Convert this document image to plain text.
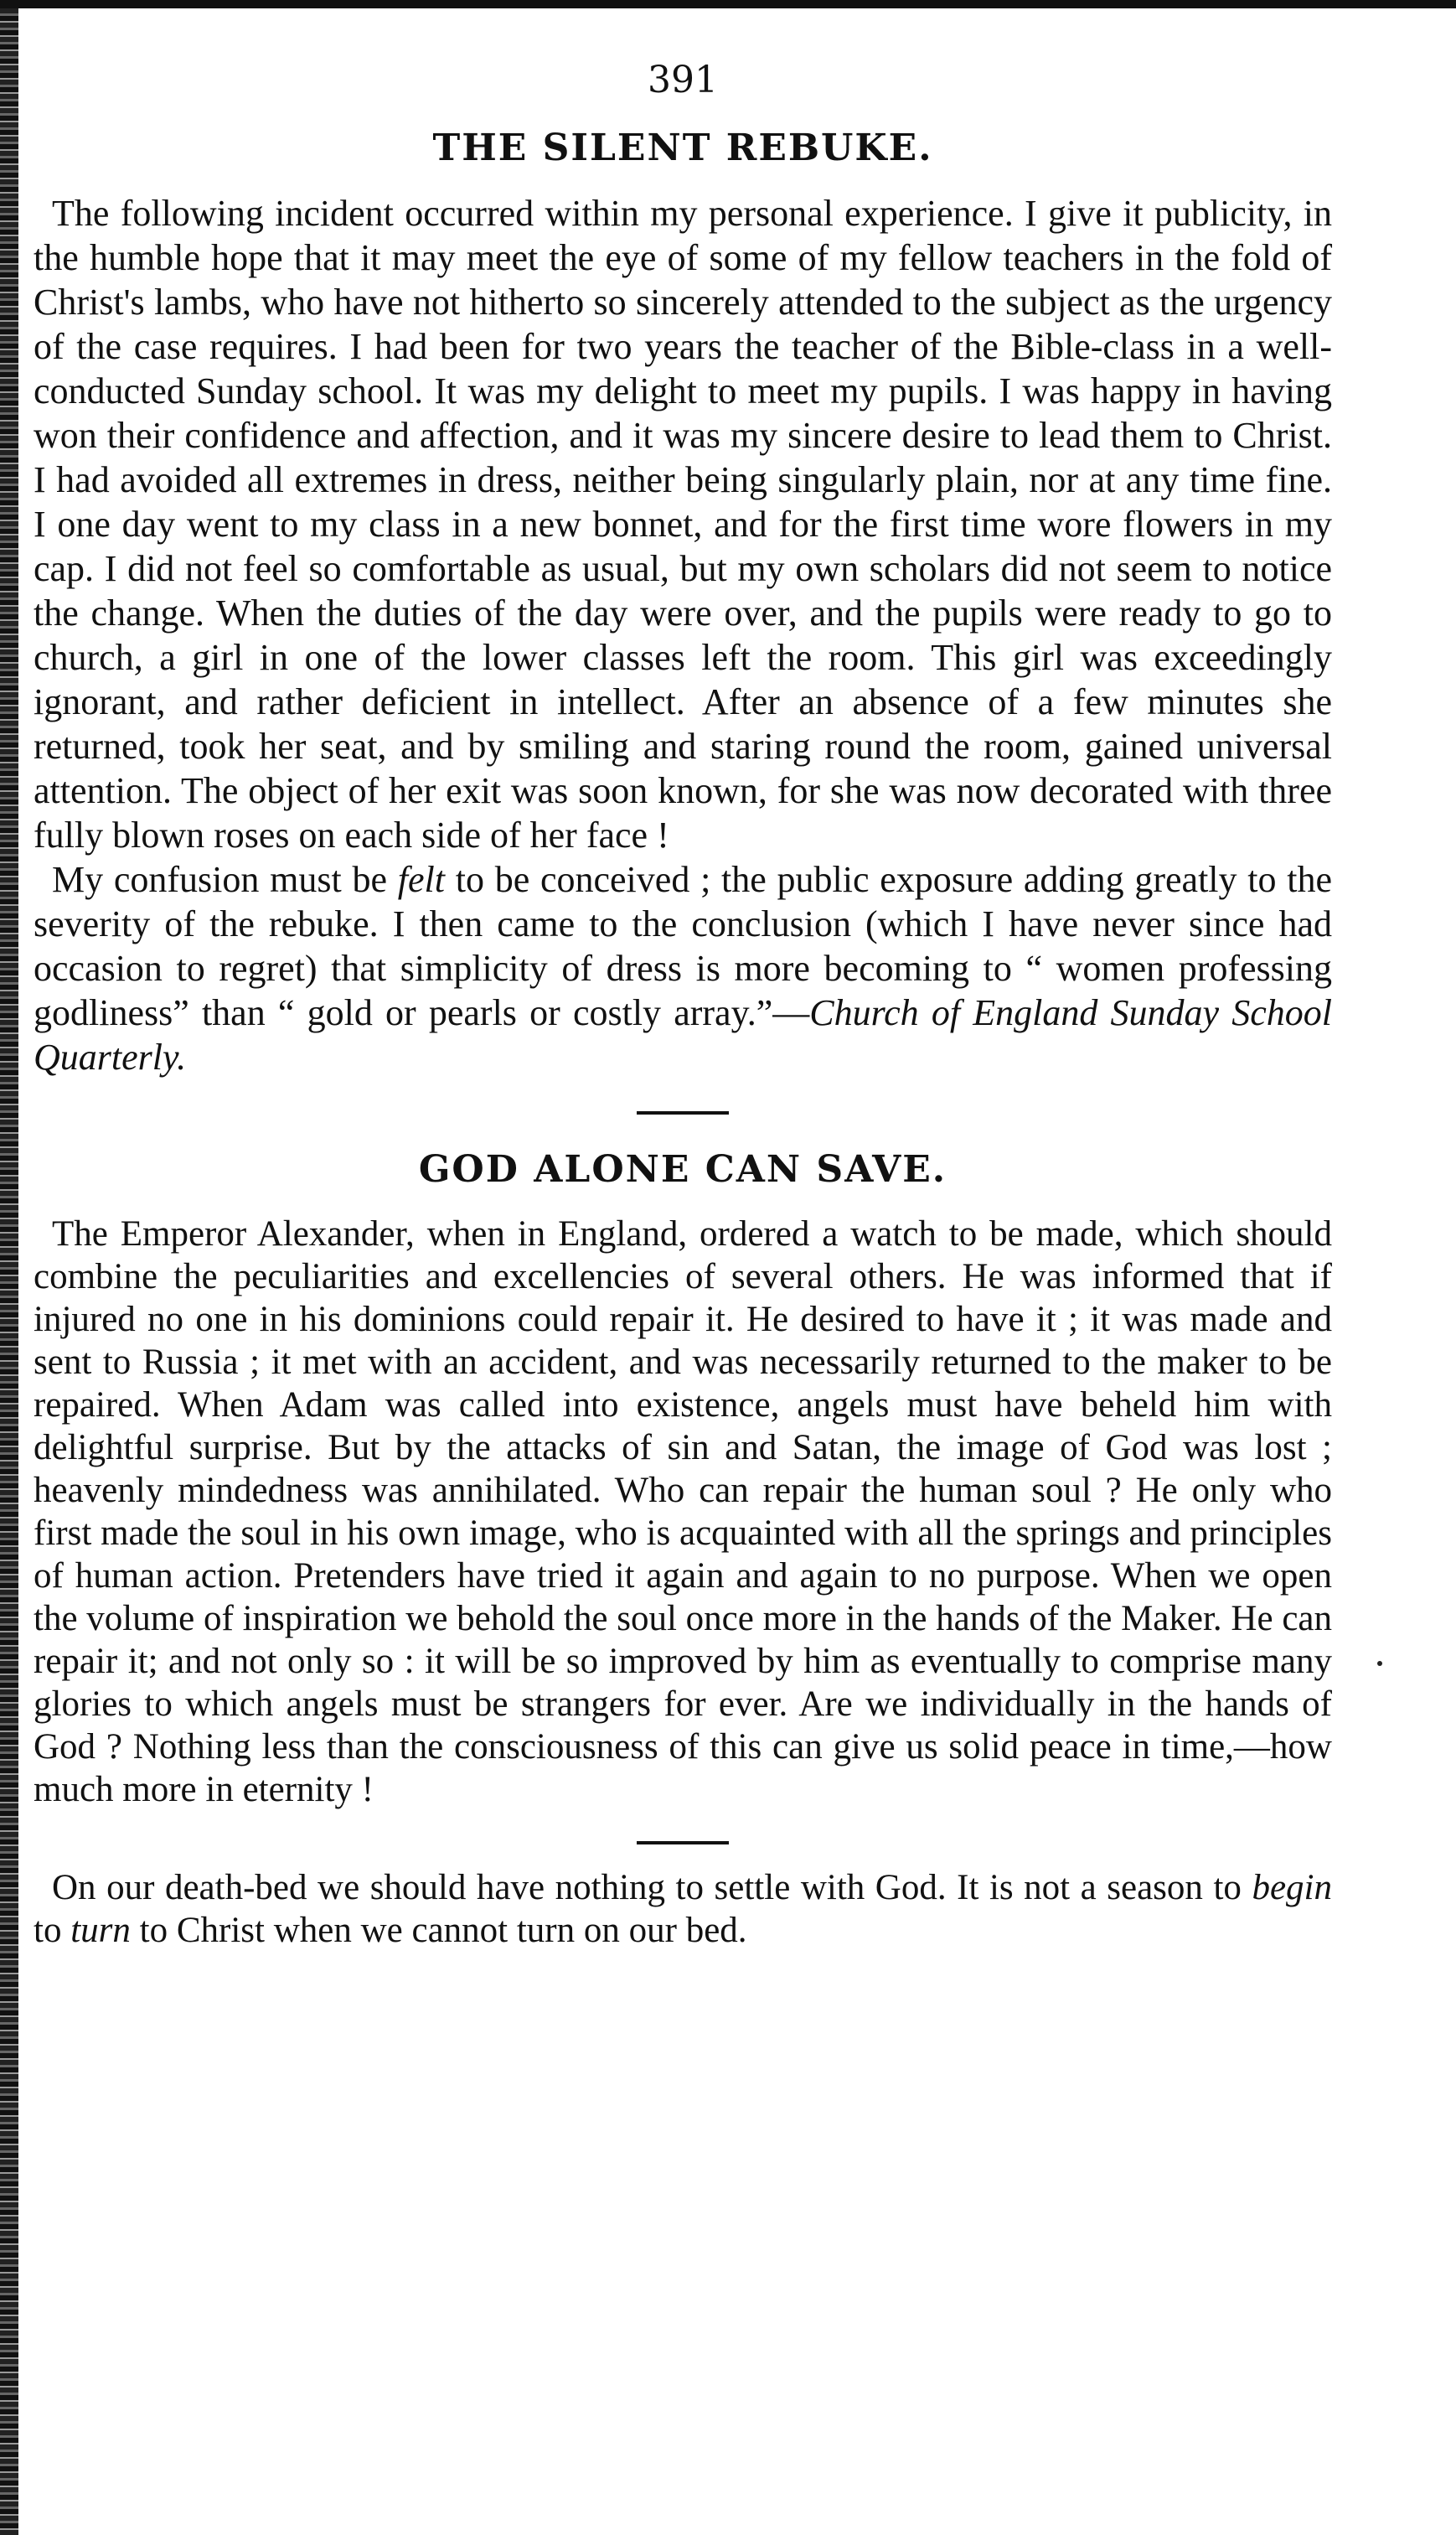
391
THE SILENT REBUKE.

The following incident occurred within my personal experience. I give it publicity, in the humble hope that it may meet the eye of some of my fellow teachers in the fold of Christ's lambs, who have not hitherto so sincerely attended to the subject as the urgency of the case requires. I had been for two years the teacher of the Bible-class in a well-conducted Sunday school. It was my delight to meet my pupils. I was happy in having won their confidence and affection, and it was my sincere desire to lead them to Christ. I had avoided all extremes in dress, neither being singularly plain, nor at any time fine. I one day went to my class in a new bonnet, and for the first time wore flowers in my cap. I did not feel so comfortable as usual, but my own scholars did not seem to notice the change. When the duties of the day were over, and the pupils were ready to go to church, a girl in one of the lower classes left the room. This girl was exceedingly ignorant, and rather deficient in intellect. After an absence of a few minutes she returned, took her seat, and by smiling and staring round the room, gained universal attention. The object of her exit was soon known, for she was now decorated with three fully blown roses on each side of her face !

My confusion must be felt to be conceived ; the public exposure adding greatly to the severity of the rebuke. I then came to the conclusion (which I have never since had occasion to regret) that simplicity of dress is more becoming to “ women professing godliness” than “ gold or pearls or costly array.”—Church of England Sunday School Quarterly.

GOD ALONE CAN SAVE.

The Emperor Alexander, when in England, ordered a watch to be made, which should combine the peculiarities and excellencies of several others. He was informed that if injured no one in his dominions could repair it. He desired to have it ; it was made and sent to Russia ; it met with an accident, and was necessarily returned to the maker to be repaired. When Adam was called into existence, angels must have beheld him with delightful surprise. But by the attacks of sin and Satan, the image of God was lost ; heavenly mindedness was annihilated. Who can repair the human soul ? He only who first made the soul in his own image, who is acquainted with all the springs and principles of human action. Pretenders have tried it again and again to no purpose. When we open the volume of inspiration we behold the soul once more in the hands of the Maker. He can repair it; and not only so : it will be so improved by him as eventually to comprise many glories to which angels must be strangers for ever. Are we individually in the hands of God ? Nothing less than the consciousness of this can give us solid peace in time,—how much more in eternity !

On our death-bed we should have nothing to settle with God. It is not a season to begin to turn to Christ when we cannot turn on our bed.
